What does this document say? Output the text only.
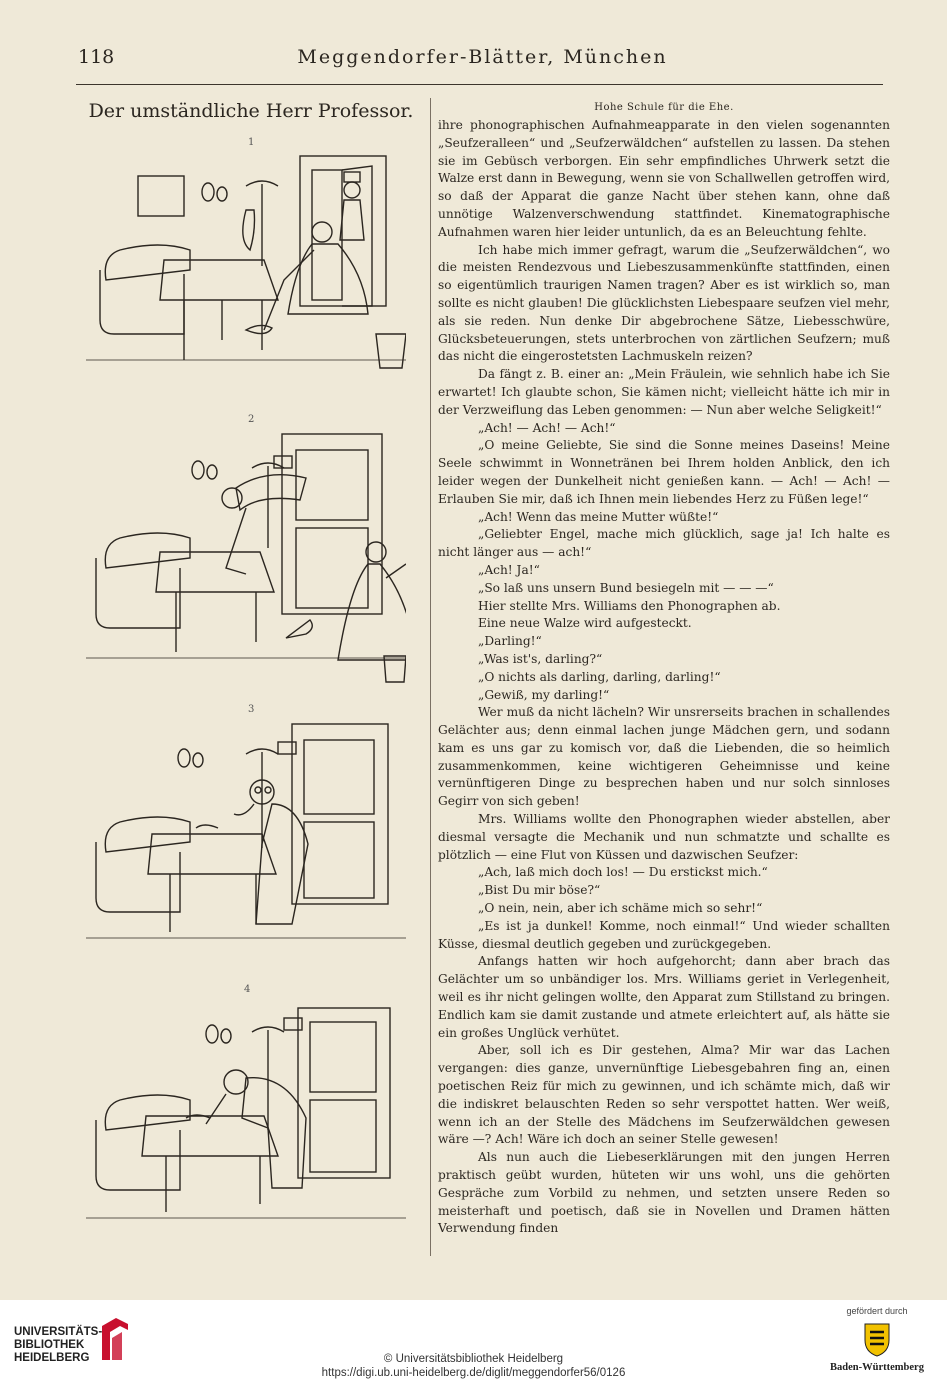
118	Meggendorfer-Blätter, München
Der umständliche Herr Professor.
1
2
3
4
Hohe Schule für die Ehe.

ihre phonographischen Aufnahmeapparate in den vielen sogenannten „Seufzeralleen“ und „Seufzerwäldchen“ aufstellen zu lassen. Da stehen sie im Gebüsch verborgen. Ein sehr empfindliches Uhrwerk setzt die Walze erst dann in Bewegung, wenn sie von Schallwellen getroffen wird, so daß der Apparat die ganze Nacht über stehen kann, ohne daß unnötige Walzenverschwendung stattfindet. Kinematographische Aufnahmen waren hier leider untunlich, da es an Beleuchtung fehlte.

Ich habe mich immer gefragt, warum die „Seufzerwäldchen“, wo die meisten Rendezvous und Liebeszusammenkünfte stattfinden, einen so eigentümlich traurigen Namen tragen? Aber es ist wirklich so, man sollte es nicht glauben! Die glücklichsten Liebespaare seufzen viel mehr, als sie reden. Nun denke Dir abgebrochene Sätze, Liebesschwüre, Glücksbeteuerungen, stets unterbrochen von zärtlichen Seufzern; muß das nicht die eingerostetsten Lachmuskeln reizen?

Da fängt z. B. einer an: „Mein Fräulein, wie sehnlich habe ich Sie erwartet! Ich glaubte schon, Sie kämen nicht; vielleicht hätte ich mir in der Verzweiflung das Leben genommen: — Nun aber welche Seligkeit!“

„Ach! — Ach! — Ach!“

„O meine Geliebte, Sie sind die Sonne meines Daseins! Meine Seele schwimmt in Wonnetränen bei Ihrem holden Anblick, den ich leider wegen der Dunkelheit nicht genießen kann. — Ach! — Ach! — Erlauben Sie mir, daß ich Ihnen mein liebendes Herz zu Füßen lege!“

„Ach! Wenn das meine Mutter wüßte!“

„Geliebter Engel, mache mich glücklich, sage ja! Ich halte es nicht länger aus — ach!“

„Ach! Ja!“

„So laß uns unsern Bund besiegeln mit — — —“

Hier stellte Mrs. Williams den Phonographen ab.

Eine neue Walze wird aufgesteckt.

„Darling!“

„Was ist's, darling?“

„O nichts als darling, darling, darling!“

„Gewiß, my darling!“

Wer muß da nicht lächeln? Wir unsrerseits brachen in schallendes Gelächter aus; denn einmal lachen junge Mädchen gern, und sodann kam es uns gar zu komisch vor, daß die Liebenden, die so heimlich zusammenkommen, keine wichtigeren Geheimnisse und keine vernünftigeren Dinge zu besprechen haben und nur solch sinnloses Gegirr von sich geben!

Mrs. Williams wollte den Phonographen wieder abstellen, aber diesmal versagte die Mechanik und nun schmatzte und schallte es plötzlich — eine Flut von Küssen und dazwischen Seufzer:

„Ach, laß mich doch los! — Du erstickst mich.“

„Bist Du mir böse?“

„O nein, nein, aber ich schäme mich so sehr!“

„Es ist ja dunkel! Komme, noch einmal!“ Und wieder schallten Küsse, diesmal deutlich gegeben und zurückgegeben.

Anfangs hatten wir hoch aufgehorcht; dann aber brach das Gelächter um so unbändiger los. Mrs. Williams geriet in Verlegenheit, weil es ihr nicht gelingen wollte, den Apparat zum Stillstand zu bringen. Endlich kam sie damit zustande und atmete erleichtert auf, als hätte sie ein großes Unglück verhütet.

Aber, soll ich es Dir gestehen, Alma? Mir war das Lachen vergangen: dies ganze, unvernünftige Liebesgebahren fing an, einen poetischen Reiz für mich zu gewinnen, und ich schämte mich, daß wir die indiskret belauschten Reden so sehr verspottet hatten. Wer weiß, wenn ich an der Stelle des Mädchens im Seufzerwäldchen gewesen wäre —? Ach! Wäre ich doch an seiner Stelle gewesen!

Als nun auch die Liebeserklärungen mit den jungen Herren praktisch geübt wurden, hüteten wir uns wohl, uns die gehörten Gespräche zum Vorbild zu nehmen, und setzten unsere Reden so meisterhaft und poetisch, daß sie in Novellen und Dramen hätten Verwendung finden

UNIVERSITÄTS-
BIBLIOTHEK
HEIDELBERG	© Universitätsbibliothek Heidelberg
https://digi.ub.uni-heidelberg.de/diglit/meggendorfer56/0126
gefördert durch
Baden-Württemberg
